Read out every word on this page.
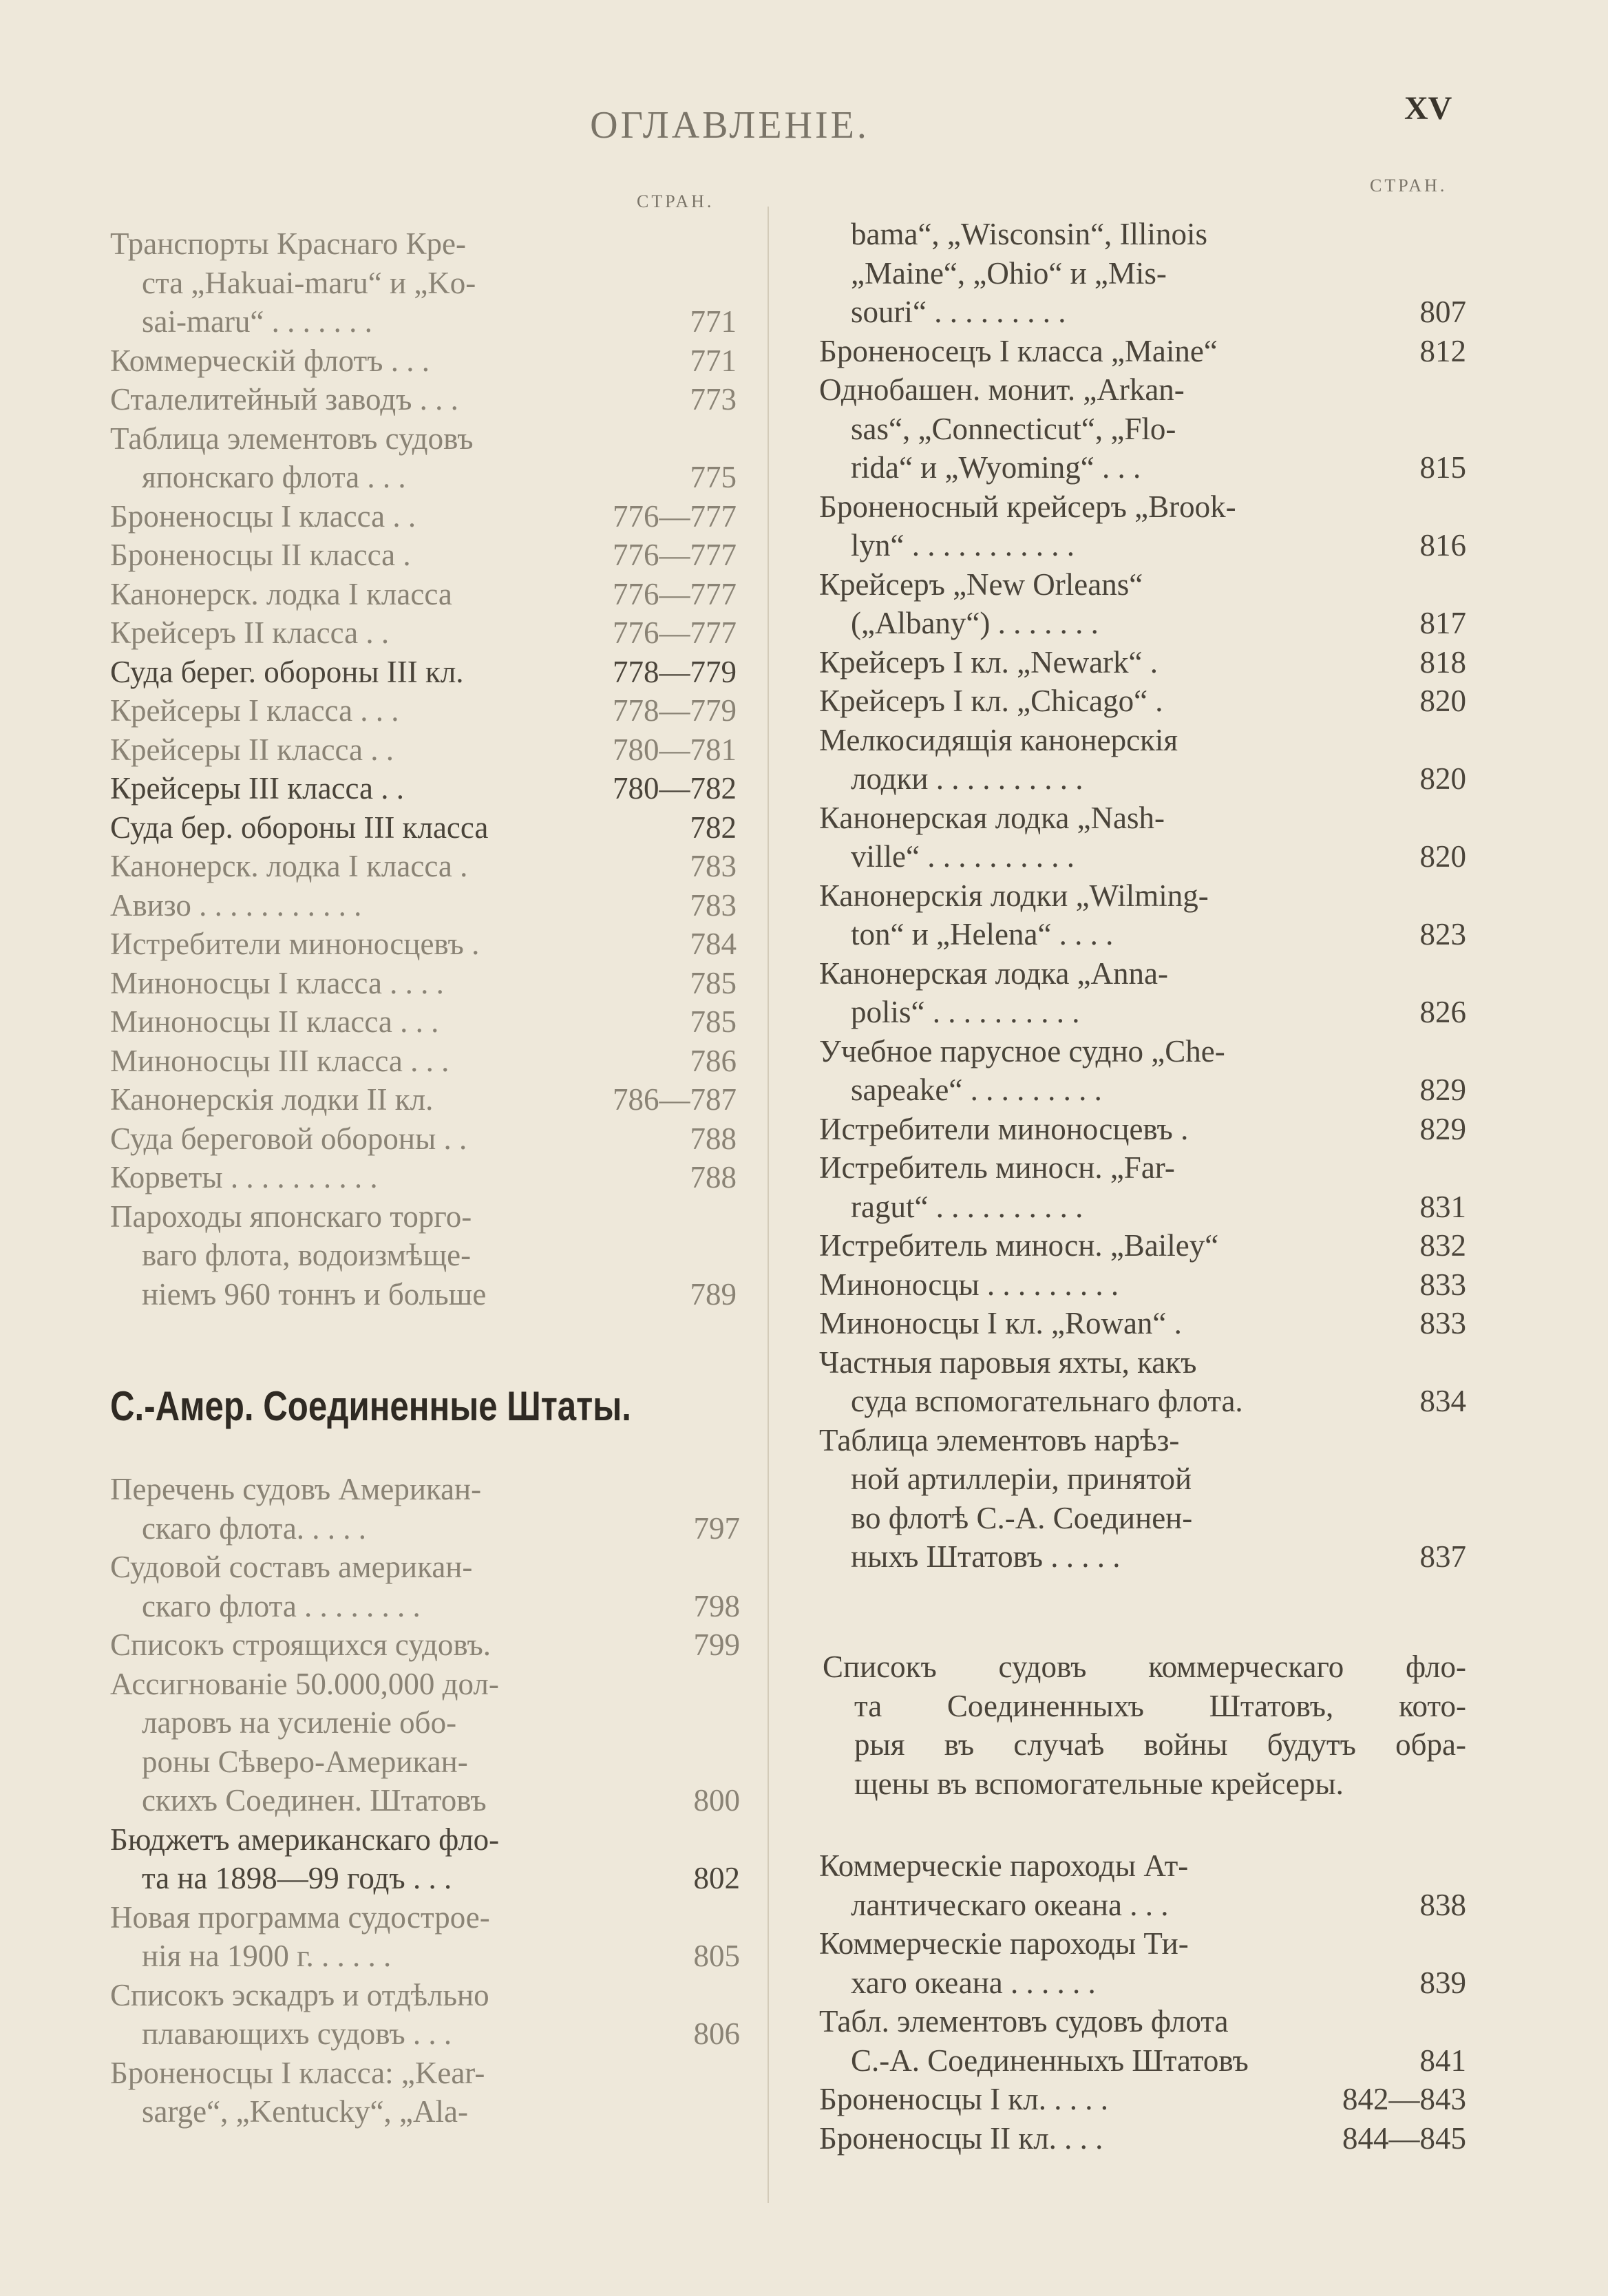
ОГЛАВЛЕНІЕ.	XV
СТРАН.
СТРАН.
Транспорты Краснаго Кре-
ста „Hakuai-maru“ и „Ko-
sai-maru“ . . . . . . .	771
Коммерческій флотъ . . .	771
Сталелитейный заводъ . . .	773
Таблица элементовъ судовъ
японскаго флота . . .	775
Броненосцы I класса . .	776—777
Броненосцы II класса .	776—777
Канонерск. лодка I класса	776—777
Крейсеръ II класса . .	776—777
Суда берег. обороны III кл.	778—779
Крейсеры I класса . . .	778—779
Крейсеры II класса . .	780—781
Крейсеры III класса . .	780—782
Суда бер. обороны III класса	782
Канонерск. лодка I класса .	783
Авизо . . . . . . . . . . .	783
Истребители миноносцевъ .	784
Миноносцы I класса . . . .	785
Миноносцы II класса . . .	785
Миноносцы III класса . . .	786
Канонерскія лодки II кл.	786—787
Суда береговой обороны . .	788
Корветы . . . . . . . . . .	788
Пароходы японскаго торго-
ваго флота, водоизмѣще-
ніемъ 960 тоннъ и больше	789
С.-Амер. Соединенные Штаты.
Перечень судовъ Американ-
скаго флота. . . . .	797
Судовой составъ американ-
скаго флота . . . . . . . .	798
Списокъ строящихся судовъ.	799
Ассигнованіе 50.000,000 дол-
ларовъ на усиленіе обо-
роны Сѣверо-Американ-
скихъ Соединен. Штатовъ	800
Бюджетъ американскаго фло-
та на 1898—99 годъ . . .	802
Новая программа судострое-
нія на 1900 г. . . . . .	805
Списокъ эскадръ и отдѣльно
плавающихъ судовъ . . .	806
Броненосцы I класса: „Kear-
sarge“, „Kentucky“, „Ala-
bama“, „Wisconsin“, Illinois
„Maine“, „Ohio“ и „Mis-
souri“ . . . . . . . . .	807
Броненосецъ I класса „Maine“	812
Однобашен. монит. „Arkan-
sas“, „Connecticut“, „Flo-
rida“ и „Wyoming“ . . .	815
Броненосный крейсеръ „Brook-
lyn“ . . . . . . . . . . .	816
Крейсеръ „New Orleans“
(„Albany“) . . . . . . .	817
Крейсеръ I кл. „Newark“ .	818
Крейсеръ I кл. „Chicago“ .	820
Мелкосидящія канонерскія
лодки . . . . . . . . . .	820
Канонерская лодка „Nash-
ville“ . . . . . . . . . .	820
Канонерскія лодки „Wilming-
ton“ и „Helena“ . . . .	823
Канонерская лодка „Anna-
polis“ . . . . . . . . . .	826
Учебное парусное судно „Che-
sapeake“ . . . . . . . . .	829
Истребители миноносцевъ .	829
Истребитель миносн. „Far-
ragut“ . . . . . . . . . .	831
Истребитель миносн. „Bailey“	832
Миноносцы . . . . . . . . .	833
Миноносцы I кл. „Rowan“ .	833
Частныя паровыя яхты, какъ
суда вспомогательнаго флота.	834
Таблица элементовъ нарѣз-
ной артиллеріи, принятой
во флотѣ С.-А. Соединен-
ныхъ Штатовъ . . . . .	837
Списокъ судовъ коммерческаго фло-
та Соединенныхъ Штатовъ, кото-
рыя въ случаѣ войны будутъ обра-
щены въ вспомогательные крейсеры.
Коммерческіе пароходы Ат-
лантическаго океана . . .	838
Коммерческіе пароходы Ти-
хаго океана . . . . . .	839
Табл. элементовъ судовъ флота
С.-А. Соединенныхъ Штатовъ	841
Броненосцы I кл. . . . .	842—843
Броненосцы II кл. . . .	844—845
